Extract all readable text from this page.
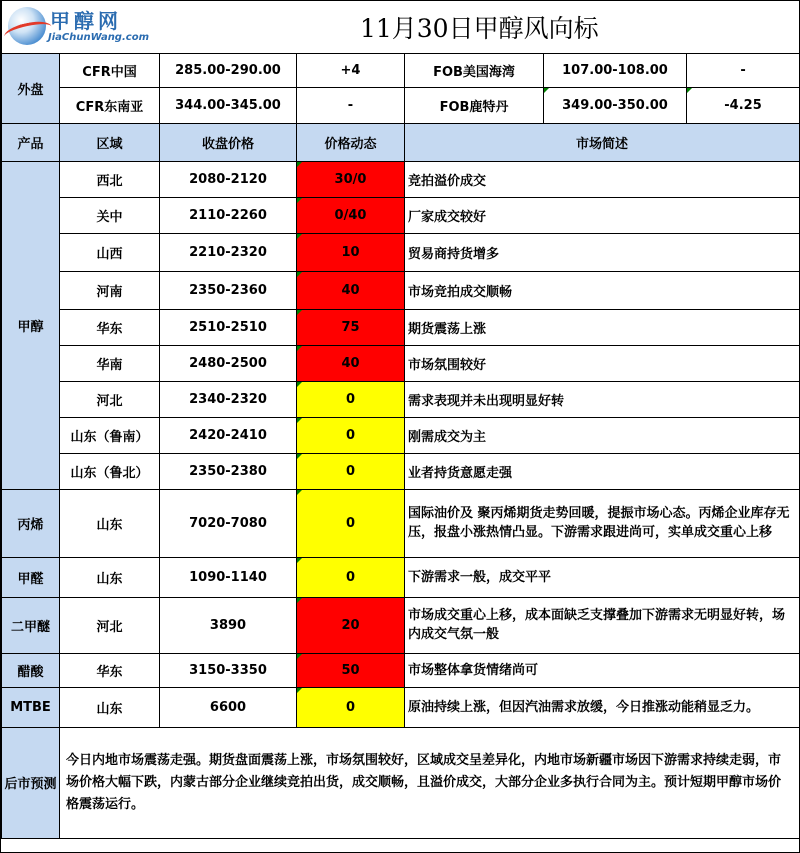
甲醇网
JiaChunWang.com		11月30日甲醇风向标				
外盘	CFR中国	285.00-290.00	+4	FOB美国海湾	107.00-108.00	-
	CFR东南亚	344.00-345.00	-	FOB鹿特丹	349.00-350.00	-4.25
产品	区域	收盘价格	价格动态	市场简述		
甲醇	西北	2080-2120	30/0	竞拍溢价成交		
	关中	2110-2260	0/40	厂家成交较好		
	山西	2210-2320	10	贸易商持货增多		
	河南	2350-2360	40	市场竞拍成交顺畅		
	华东	2510-2510	75	期货震荡上涨		
	华南	2480-2500	40	市场氛围较好		
	河北	2340-2320	0	需求表现并未出现明显好转		
	山东（鲁南）	2420-2410	0	刚需成交为主		
	山东（鲁北）	2350-2380	0	业者持货意愿走强		
丙烯	山东	7020-7080	0	国际油价及 聚丙烯期货走势回暖，提振市场心态。丙烯企业库存无压，报盘小涨热情凸显。下游需求跟进尚可，实单成交重心上移		
甲醛	山东	1090-1140	0	下游需求一般，成交平平		
二甲醚	河北	3890	20	市场成交重心上移，成本面缺乏支撑叠加下游需求无明显好转，场内成交气氛一般		
醋酸	华东	3150-3350	50	市场整体拿货情绪尚可		
MTBE	山东	6600	0	原油持续上涨，但因汽油需求放缓，今日推涨动能稍显乏力。		
后市预测	今日内地市场震荡走强。期货盘面震荡上涨，市场氛围较好，区域成交呈差异化，内地市场新疆市场因下游需求持续走弱，市场价格大幅下跌，内蒙古部分企业继续竞拍出货，成交顺畅，且溢价成交，大部分企业多执行合同为主。预计短期甲醇市场价格震荡运行。					
